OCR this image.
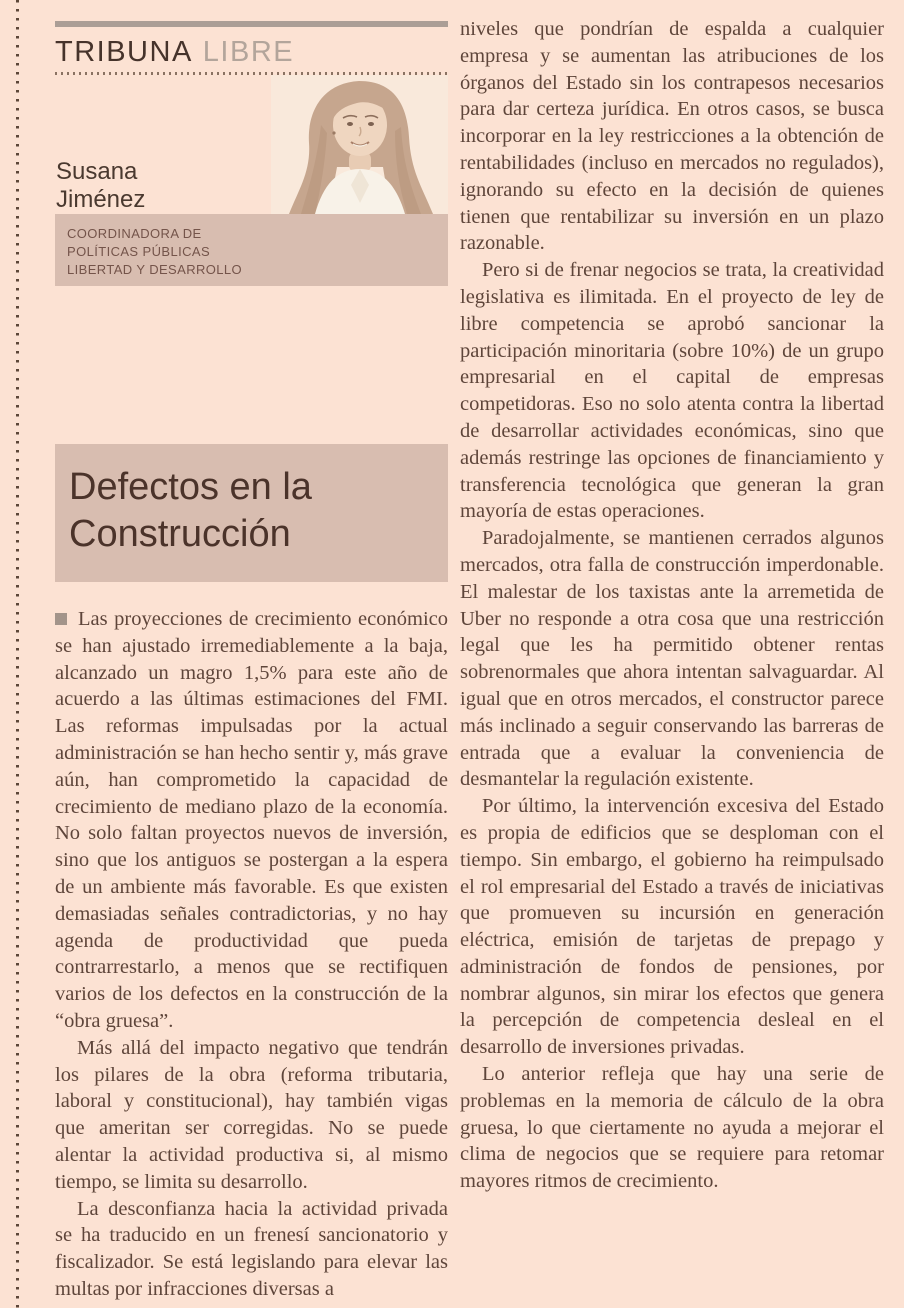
TRIBUNA LIBRE
Susana
Jiménez
COORDINADORA DE
POLÍTICAS PÚBLICAS
LIBERTAD Y DESARROLLO
Defectos en la
Construcción

Las proyecciones de crecimiento económico se han ajustado irremediablemente a la baja, alcanzado un magro 1,5% para este año de acuerdo a las últimas estimaciones del FMI. Las reformas impulsadas por la actual administración se han hecho sentir y, más grave aún, han comprometido la capacidad de crecimiento de mediano plazo de la economía. No solo faltan proyectos nuevos de inversión, sino que los antiguos se postergan a la espera de un ambiente más favorable. Es que existen demasiadas señales contradictorias, y no hay agenda de productividad que pueda contrarrestarlo, a menos que se rectifiquen varios de los defectos en la construcción de la “obra gruesa”.

Más allá del impacto negativo que tendrán los pilares de la obra (reforma tributaria, laboral y constitucional), hay también vigas que ameritan ser corregidas. No se puede alentar la actividad productiva si, al mismo tiempo, se limita su desarrollo.

La desconfianza hacia la actividad privada se ha traducido en un frenesí sancionatorio y fiscalizador. Se está legislando para elevar las multas por infracciones diversas a

niveles que pondrían de espalda a cualquier empresa y se aumentan las atribuciones de los órganos del Estado sin los contrapesos necesarios para dar certeza jurídica. En otros casos, se busca incorporar en la ley restricciones a la obtención de rentabilidades (incluso en mercados no regulados), ignorando su efecto en la decisión de quienes tienen que rentabilizar su inversión en un plazo razonable.

Pero si de frenar negocios se trata, la creatividad legislativa es ilimitada. En el proyecto de ley de libre competencia se aprobó sancionar la participación minoritaria (sobre 10%) de un grupo empresarial en el capital de empresas competidoras. Eso no solo atenta contra la libertad de desarrollar actividades económicas, sino que además restringe las opciones de financiamiento y transferencia tecnológica que generan la gran mayoría de estas operaciones.

Paradojalmente, se mantienen cerrados algunos mercados, otra falla de construcción imperdonable. El malestar de los taxistas ante la arremetida de Uber no responde a otra cosa que una restricción legal que les ha permitido obtener rentas sobrenormales que ahora intentan salvaguardar. Al igual que en otros mercados, el constructor parece más inclinado a seguir conservando las barreras de entrada que a evaluar la conveniencia de desmantelar la regulación existente.

Por último, la intervención excesiva del Estado es propia de edificios que se desploman con el tiempo. Sin embargo, el gobierno ha reimpulsado el rol empresarial del Estado a través de iniciativas que promueven su incursión en generación eléctrica, emisión de tarjetas de prepago y administración de fondos de pensiones, por nombrar algunos, sin mirar los efectos que genera la percepción de competencia desleal en el desarrollo de inversiones privadas.

Lo anterior refleja que hay una serie de problemas en la memoria de cálculo de la obra gruesa, lo que ciertamente no ayuda a mejorar el clima de negocios que se requiere para retomar mayores ritmos de crecimiento.
